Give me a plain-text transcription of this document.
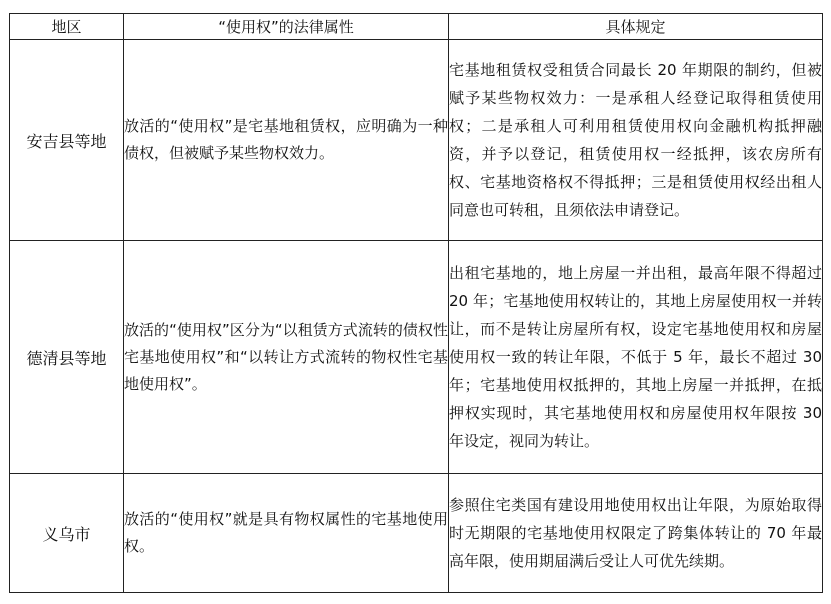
地区	“使用权”的法律属性	具体规定
安吉县等地	放活的“使用权”是宅基地租赁权，应明确为一种债权，但被赋予某些物权效力。	宅基地租赁权受租赁合同最长 20 年期限的制约，但被赋予某些物权效力：一是承租人经登记取得租赁使用权；二是承租人可利用租赁使用权向金融机构抵押融资，并予以登记，租赁使用权一经抵押，该农房所有权、宅基地资格权不得抵押；三是租赁使用权经出租人同意也可转租，且须依法申请登记。
德清县等地	放活的“使用权”区分为“以租赁方式流转的债权性宅基地使用权”和“以转让方式流转的物权性宅基地使用权”。	出租宅基地的，地上房屋一并出租，最高年限不得超过 20 年；宅基地使用权转让的，其地上房屋使用权一并转让，而不是转让房屋所有权，设定宅基地使用权和房屋使用权一致的转让年限，不低于 5 年，最长不超过 30 年；宅基地使用权抵押的，其地上房屋一并抵押，在抵押权实现时，其宅基地使用权和房屋使用权年限按 30 年设定，视同为转让。
义乌市	放活的“使用权”就是具有物权属性的宅基地使用权。	参照住宅类国有建设用地使用权出让年限，为原始取得时无期限的宅基地使用权限定了跨集体转让的 70 年最高年限，使用期届满后受让人可优先续期。
